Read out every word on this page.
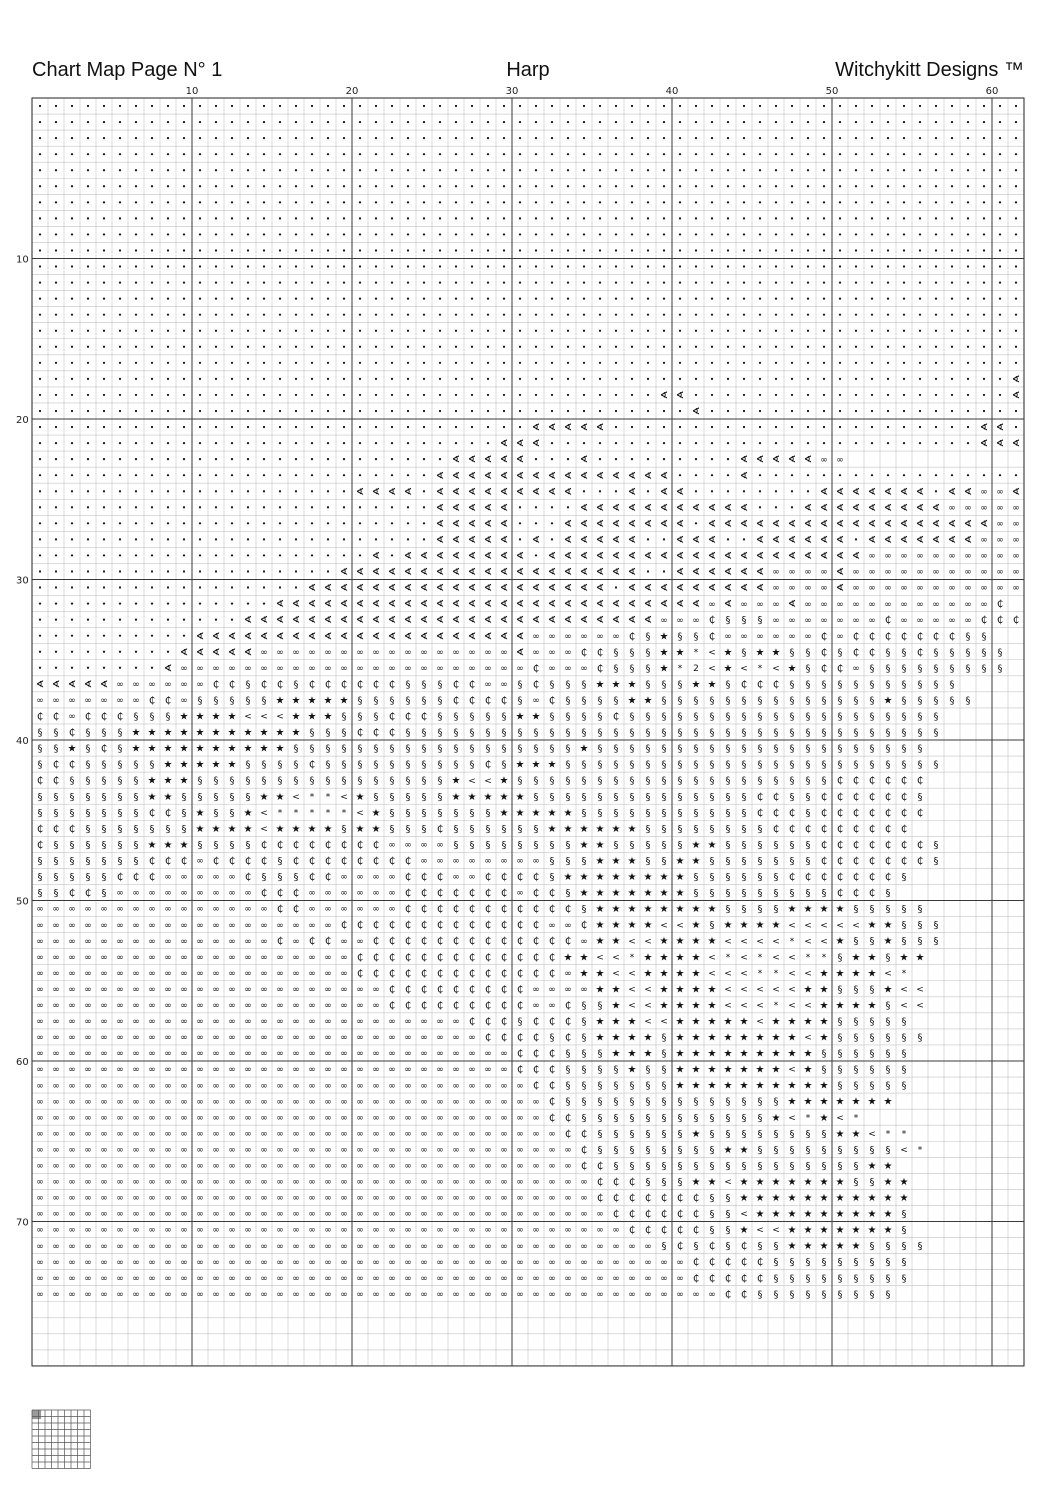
Chart Map Page N° 1	Harp	Witchykitt Designs ™
10	20	30	40	50	60
10
20
30
40
50
60
70
∢
∢ ∢	∢
∢
∢ ∢ ∢ ∢ ∢	∢ ∢
∢ ∢ ∢	∢ ∢ ∢
∢ ∢ ∢ ∢ ∢	∢	∢ ∢ ∢ ∢ ∢ ∞ ∞
∢ ∢ ∢ ∢ ∢ ∢ ∢ ∢ ∢ ∢ ∢ ∢ ∢ ∢ ∢	∢
∢ ∢ ∢ ∢ ∢ ∢ ∢ ∢ ∢ ∢ ∢ ∢ ∢	∢ ∢ ∢	∢ ∢ ∢ ∢ ∢ ∢ ∢ ∢ ∢ ∞ ∞ ∢
∢ ∢ ∢ ∢ ∢	∢ ∢ ∢ ∢ ∢ ∢ ∢ ∢ ∢ ∢ ∢	∢ ∢ ∢ ∢ ∢ ∢ ∢ ∢ ∢ ∞ ∞ ∞ ∞ ∞
∢ ∢ ∢ ∢ ∢	∢ ∢ ∢ ∢ ∢ ∢ ∢ ∢ ∢ ∢ ∢ ∢ ∢ ∢ ∢ ∢ ∢ ∢ ∢ ∢ ∢ ∢ ∢ ∢ ∢ ∢ ∞ ∞
∢ ∢ ∢ ∢ ∢ ∢ ∢ ∢ ∢ ∢ ∢	∢ ∢ ∢	∢ ∢ ∢ ∢ ∢ ∢ ∢ ∢ ∢ ∢ ∢ ∢ ∢ ∞ ∞ ∞
∢ ∢ ∢ ∢ ∢ ∢ ∢ ∢ ∢ ∢ ∢ ∢ ∢ ∢ ∢ ∢ ∢ ∢ ∢ ∢ ∢ ∢ ∢ ∢ ∢ ∢ ∢ ∢ ∢ ∞ ∞ ∞ ∞ ∞ ∞ ∞ ∞ ∞ ∞
∢ ∢ ∢ ∢ ∢ ∢ ∢ ∢ ∢ ∢ ∢ ∢ ∢ ∢ ∢ ∢ ∢ ∢ ∢	∢ ∢ ∢ ∢ ∢ ∢ ∞ ∞ ∞ ∞ ∢ ∞ ∞ ∞ ∞ ∞ ∞ ∞ ∞ ∞ ∞ ∞
∢ ∢ ∢ ∢ ∢ ∢ ∢ ∢ ∢ ∢ ∢ ∢ ∢ ∢ ∢ ∢ ∢ ∢ ∢ ∢ ∢ ∢ ∢ ∢ ∢ ∢ ∢ ∢ ∞ ∞ ∞ ∞ ∢ ∞ ∞ ∞ ∞ ∞ ∞ ∞ ∞ ∞ ∞ ∞
∢ ∢ ∢ ∢ ∢ ∢ ∢ ∢ ∢ ∢ ∢ ∢ ∢ ∢ ∢ ∢ ∢ ∢ ∢ ∢ ∢ ∢ ∢ ∢ ∢ ∢ ∢ ∞ ∢ ∞ ∞ ∞ ∢ ∞ ∞ ∞ ∞ ∞ ∞ ∞ ∞ ∞ ∞ ∞ ∞ ₵
∢ ∢ ∢ ∢ ∢ ∢ ∢ ∢ ∢ ∢ ∢ ∢ ∢ ∢ ∢ ∢ ∢ ∢ ∢ ∢ ∢ ∢ ∢ ∢ ∢ ∢ ∞ ∞ ∞ ₵ § § § ∞ ∞ ∞ ∞ ∞ ∞ ∞ ₵ ∞ ∞ ∞ ∞ ∞ ₵ ₵ ₵
∢ ∢ ∢ ∢ ∢ ∢ ∢ ∢ ∢ ∢ ∢ ∢ ∢ ∢ ∢ ∢ ∢ ∢ ∢ ∢ ∢ ∞ ∞ ∞ ∞ ∞ ∞ ₵ § ★ § § ₵ ∞ ∞ ∞ ∞ ∞ ∞ ₵ ∞ ₵ ₵ ₵ ₵ ₵ ₵ ₵ § §
∢ ∢ ∢ ∢ ∢ ∞ ∞ ∞ ∞ ∞ ∞ ∞ ∞ ∞ ∞ ∞ ∞ ∞ ∞ ∞ ∞ ∢ ∞ ∞ ∞ ₵ ₵ § § § ★ ★ * < ★ § ★ ★ § § ₵ § ₵ ₵ § § ₵ § § § § §
∢ ∞ ∞ ∞ ∞ ∞ ∞ ∞ ∞ ∞ ∞ ∞ ∞ ∞ ∞ ∞ ∞ ∞ ∞ ∞ ∞ ∞ ∞ ₵ ∞ ∞ ∞ ₵ § § § ★ * 2 < ★ < * < ★ § ₵ ₵ ∞ § § § § § § § § §
∢ ∢ ∢ ∢ ∢ ∞ ∞ ∞ ∞ ∞ ∞ ₵ ₵ § ₵ ₵ § ₵ ₵ ₵ ₵ ₵ ₵ § § § ₵ ₵ ∞ ∞ § ₵ § § § ★ ★ ★ § § § ★ ★ § ₵ ₵ ₵ § § § § § § § § § § §
∞ ∞ ∞ ∞ ∞ ∞ ∞ ₵ ₵ ∞ § § § § § ★ ★ ★ ★ ★ § § § § § § ₵ ₵ ₵ ₵ § ∞ ₵ § § § § ★ ★ § § § § § § § § § § § § § § ★ § § § § §
₵ ₵ ∞ ₵ ₵ ₵ § § § ★ ★ ★ ★ < < < ★ ★ ★ § § § ₵ ₵ ₵ § § § § § ★ ★ § § § § ₵ § § § § § § § § § § § § § § § § § § § §
§ § ₵ § § § ★ ★ ★ ★ ★ ★ ★ ★ ★ ★ ★ § § § ₵ ₵ ₵ § § § § § § § § § § § § § § § § § § § § § § § § § § § § § § § § § §
§ § ★ § ₵ § ★ ★ ★ ★ ★ ★ ★ ★ ★ ★ § § § § § § § § § § § § § § § § § § ★ § § § § § § § § § § § § § § § § § § § § §
§ ₵ ₵ § § § § § ★ ★ ★ ★ ★ § § § § ₵ § § § § § § § § § § ₵ § ★ ★ ★ § § § § § § § § § § § § § § § § § § § § § § § §
₵ ₵ § § § § § ★ ★ ★ § § § § § § § § § § § § § § § § ★ < < ★ § § § § § § § § § § § § § § § § § § § § ₵ ₵ ₵ ₵ ₵ ₵
§ § § § § § § ★ ★ § § § § § ★ ★ < * * < ★ § § § § § ★ ★ ★ ★ ★ § § § § § § § § § § § § § § ₵ ₵ § § ₵ ₵ ₵ ₵ ₵ ₵ §
§ § § § § § § ₵ ₵ § ★ § § ★ < * * * * * < ★ § § § § § § § ★ ★ ★ ★ ★ § § § § § § § § § § § ₵ ₵ ₵ § ₵ ₵ ₵ ₵ ₵ ₵ ₵
₵ ₵ ₵ § § § § § § § ★ ★ ★ ★ < ★ ★ ★ ★ § ★ ★ § § § ₵ § § § § § § ★ ★ ★ ★ ★ ★ § § § § § § § § ₵ ₵ ₵ ₵ ₵ ₵ ₵ ₵ ₵
₵ § § § § § § ★ ★ ★ § § § § ₵ ₵ ₵ ₵ ₵ ₵ ₵ ₵ ∞ ∞ ∞ ∞ § § § § § § § § ★ ★ § § § § § ★ ★ § § § § § § ₵ ₵ ₵ ₵ ₵ ₵ ₵ §
§ § § § § § § ₵ ₵ ₵ ∞ ₵ ₵ ₵ ₵ § ₵ ₵ ₵ ₵ ₵ ₵ ₵ ₵ ∞ ∞ ∞ ∞ ∞ ∞ ∞ ∞ § § § ★ ★ ★ § § ★ ★ § § § § § § § ₵ ₵ ₵ ₵ ₵ ₵ ₵ §
§ § § § § ₵ ₵ ₵ ∞ ∞ ∞ ∞ ∞ ₵ § § § ₵ ₵ ∞ ∞ ∞ ∞ ₵ ₵ ₵ ∞ ∞ ₵ ₵ ₵ ₵ § ★ ★ ★ ★ ★ ★ ★ ★ § § § § § § ₵ ₵ ₵ ₵ ₵ ₵ ₵ §
§ § ₵ ₵ § ∞ ∞ ∞ ∞ ∞ ∞ ∞ ∞ ∞ ₵ ₵ ₵ ∞ ∞ ∞ ∞ ∞ ∞ ₵ ₵ ₵ ₵ ₵ ₵ ₵ ∞ ₵ ₵ § ★ ★ ★ ★ ★ ★ ★ § § § § § § § § § ₵ ₵ ₵ §
∞ ∞ ∞ ∞ ∞ ∞ ∞ ∞ ∞ ∞ ∞ ∞ ∞ ∞ ∞ ₵ ₵ ∞ ∞ ∞ ∞ ∞ ∞ ₵ ₵ ₵ ₵ ₵ ₵ ₵ ₵ ₵ ₵ ₵ § ★ ★ ★ ★ ★ ★ ★ ★ § § § § ★ ★ ★ ★ § § § § §
∞ ∞ ∞ ∞ ∞ ∞ ∞ ∞ ∞ ∞ ∞ ∞ ∞ ∞ ∞ ∞ ∞ ∞ ∞ ₵ ₵ ₵ ₵ ₵ ₵ ₵ ₵ ₵ ₵ ₵ ₵ ₵ ∞ ∞ ₵ ★ ★ ★ ★ < < ★ § ★ ★ ★ ★ < < < < < ★ ★ § § §
∞ ∞ ∞ ∞ ∞ ∞ ∞ ∞ ∞ ∞ ∞ ∞ ∞ ∞ ∞ ₵ ∞ ₵ ₵ ∞ ∞ ₵ ₵ ₵ ₵ ₵ ₵ ₵ ₵ ₵ ₵ ₵ ₵ ₵ ∞ ★ ★ < < ★ ★ ★ ★ < < < < * < < ★ § § ★ § § §
∞ ∞ ∞ ∞ ∞ ∞ ∞ ∞ ∞ ∞ ∞ ∞ ∞ ∞ ∞ ∞ ∞ ∞ ∞ ∞ ₵ ₵ ₵ ₵ ₵ ₵ ₵ ₵ ₵ ₵ ₵ ₵ ₵ ★ ★ < < * ★ ★ ★ ★ < * < * < < * * § ★ ★ § ★ ★
∞ ∞ ∞ ∞ ∞ ∞ ∞ ∞ ∞ ∞ ∞ ∞ ∞ ∞ ∞ ∞ ∞ ∞ ∞ ∞ ₵ ₵ ₵ ₵ ₵ ₵ ₵ ₵ ₵ ₵ ₵ ₵ ₵ ∞ ★ ★ < < ★ ★ ★ ★ < < < * * < < ★ ★ ★ ★ < *
∞ ∞ ∞ ∞ ∞ ∞ ∞ ∞ ∞ ∞ ∞ ∞ ∞ ∞ ∞ ∞ ∞ ∞ ∞ ∞ ∞ ∞ ₵ ₵ ₵ ₵ ₵ ₵ ₵ ₵ ₵ ∞ ∞ ∞ ∞ ★ ★ < < ★ ★ ★ ★ < < < < < ★ ★ § § § ★ < <
∞ ∞ ∞ ∞ ∞ ∞ ∞ ∞ ∞ ∞ ∞ ∞ ∞ ∞ ∞ ∞ ∞ ∞ ∞ ∞ ∞ ∞ ₵ ₵ ₵ ₵ ₵ ₵ ₵ ₵ ₵ ∞ ∞ ₵ § § ★ < < ★ ★ ★ ★ < < < * < < ★ ★ ★ ★ § < <
∞ ∞ ∞ ∞ ∞ ∞ ∞ ∞ ∞ ∞ ∞ ∞ ∞ ∞ ∞ ∞ ∞ ∞ ∞ ∞ ∞ ∞ ∞ ∞ ∞ ∞ ∞ ₵ ₵ ₵ § ₵ ₵ ₵ § ★ ★ ★ < < ★ ★ ★ ★ ★ < ★ ★ ★ ★ § § § § §
∞ ∞ ∞ ∞ ∞ ∞ ∞ ∞ ∞ ∞ ∞ ∞ ∞ ∞ ∞ ∞ ∞ ∞ ∞ ∞ ∞ ∞ ∞ ∞ ∞ ∞ ∞ ∞ ₵ ₵ ₵ ₵ § ₵ § ★ ★ ★ ★ § ★ ★ ★ ★ ★ ★ ★ ★ < ★ § § § § § §
∞ ∞ ∞ ∞ ∞ ∞ ∞ ∞ ∞ ∞ ∞ ∞ ∞ ∞ ∞ ∞ ∞ ∞ ∞ ∞ ∞ ∞ ∞ ∞ ∞ ∞ ∞ ∞ ∞ ∞ ₵ ₵ ₵ § § § ★ ★ ★ § ★ ★ ★ ★ ★ ★ ★ ★ ★ § § § § § §
∞ ∞ ∞ ∞ ∞ ∞ ∞ ∞ ∞ ∞ ∞ ∞ ∞ ∞ ∞ ∞ ∞ ∞ ∞ ∞ ∞ ∞ ∞ ∞ ∞ ∞ ∞ ∞ ∞ ∞ ₵ ₵ ₵ § § § § ★ § § ★ ★ ★ ★ ★ ★ ★ < ★ § § § § § §
∞ ∞ ∞ ∞ ∞ ∞ ∞ ∞ ∞ ∞ ∞ ∞ ∞ ∞ ∞ ∞ ∞ ∞ ∞ ∞ ∞ ∞ ∞ ∞ ∞ ∞ ∞ ∞ ∞ ∞ ∞ ₵ ₵ § § § § § § § ★ ★ ★ ★ ★ ★ ★ ★ ★ ★ § § § § §
∞ ∞ ∞ ∞ ∞ ∞ ∞ ∞ ∞ ∞ ∞ ∞ ∞ ∞ ∞ ∞ ∞ ∞ ∞ ∞ ∞ ∞ ∞ ∞ ∞ ∞ ∞ ∞ ∞ ∞ ∞ ∞ ₵ § § § § § § § § § § § § § § ★ ★ ★ ★ ★ ★ ★
∞ ∞ ∞ ∞ ∞ ∞ ∞ ∞ ∞ ∞ ∞ ∞ ∞ ∞ ∞ ∞ ∞ ∞ ∞ ∞ ∞ ∞ ∞ ∞ ∞ ∞ ∞ ∞ ∞ ∞ ∞ ∞ ₵ ₵ § § § § § § § § § § § § ★ < * ★ < *
∞ ∞ ∞ ∞ ∞ ∞ ∞ ∞ ∞ ∞ ∞ ∞ ∞ ∞ ∞ ∞ ∞ ∞ ∞ ∞ ∞ ∞ ∞ ∞ ∞ ∞ ∞ ∞ ∞ ∞ ∞ ∞ ∞ ₵ ₵ § § § § § § ★ § § § § § § § § ★ ★ < * *
∞ ∞ ∞ ∞ ∞ ∞ ∞ ∞ ∞ ∞ ∞ ∞ ∞ ∞ ∞ ∞ ∞ ∞ ∞ ∞ ∞ ∞ ∞ ∞ ∞ ∞ ∞ ∞ ∞ ∞ ∞ ∞ ∞ ∞ ₵ § § § § § § § § ★ ★ § § § § § § § § § < *
∞ ∞ ∞ ∞ ∞ ∞ ∞ ∞ ∞ ∞ ∞ ∞ ∞ ∞ ∞ ∞ ∞ ∞ ∞ ∞ ∞ ∞ ∞ ∞ ∞ ∞ ∞ ∞ ∞ ∞ ∞ ∞ ∞ ∞ ₵ ₵ § § § § § § § § § § § § § § § § ★ ★
∞ ∞ ∞ ∞ ∞ ∞ ∞ ∞ ∞ ∞ ∞ ∞ ∞ ∞ ∞ ∞ ∞ ∞ ∞ ∞ ∞ ∞ ∞ ∞ ∞ ∞ ∞ ∞ ∞ ∞ ∞ ∞ ∞ ∞ ∞ ₵ ₵ ₵ § § § ★ ★ < ★ ★ ★ ★ ★ ★ ★ § § ★ ★
∞ ∞ ∞ ∞ ∞ ∞ ∞ ∞ ∞ ∞ ∞ ∞ ∞ ∞ ∞ ∞ ∞ ∞ ∞ ∞ ∞ ∞ ∞ ∞ ∞ ∞ ∞ ∞ ∞ ∞ ∞ ∞ ∞ ∞ ∞ ₵ ₵ ₵ ₵ ₵ ₵ ₵ § § ★ ★ ★ ★ ★ ★ ★ ★ ★ ★ ★
∞ ∞ ∞ ∞ ∞ ∞ ∞ ∞ ∞ ∞ ∞ ∞ ∞ ∞ ∞ ∞ ∞ ∞ ∞ ∞ ∞ ∞ ∞ ∞ ∞ ∞ ∞ ∞ ∞ ∞ ∞ ∞ ∞ ∞ ∞ ∞ ₵ ₵ ₵ ₵ ₵ ₵ § § < ★ ★ ★ ★ ★ ★ ★ ★ ★ §
∞ ∞ ∞ ∞ ∞ ∞ ∞ ∞ ∞ ∞ ∞ ∞ ∞ ∞ ∞ ∞ ∞ ∞ ∞ ∞ ∞ ∞ ∞ ∞ ∞ ∞ ∞ ∞ ∞ ∞ ∞ ∞ ∞ ∞ ∞ ∞ ∞ ₵ ₵ ₵ ₵ ₵ § § ★ < < ★ ★ ★ ★ ★ ★ ★ §
∞ ∞ ∞ ∞ ∞ ∞ ∞ ∞ ∞ ∞ ∞ ∞ ∞ ∞ ∞ ∞ ∞ ∞ ∞ ∞ ∞ ∞ ∞ ∞ ∞ ∞ ∞ ∞ ∞ ∞ ∞ ∞ ∞ ∞ ∞ ∞ ∞ ∞ ∞ § ₵ § ₵ § ₵ § § ★ ★ ★ ★ ★ § § § §
∞ ∞ ∞ ∞ ∞ ∞ ∞ ∞ ∞ ∞ ∞ ∞ ∞ ∞ ∞ ∞ ∞ ∞ ∞ ∞ ∞ ∞ ∞ ∞ ∞ ∞ ∞ ∞ ∞ ∞ ∞ ∞ ∞ ∞ ∞ ∞ ∞ ∞ ∞ ∞ ∞ ₵ ₵ ₵ ₵ ₵ § § § § § § § § §
∞ ∞ ∞ ∞ ∞ ∞ ∞ ∞ ∞ ∞ ∞ ∞ ∞ ∞ ∞ ∞ ∞ ∞ ∞ ∞ ∞ ∞ ∞ ∞ ∞ ∞ ∞ ∞ ∞ ∞ ∞ ∞ ∞ ∞ ∞ ∞ ∞ ∞ ∞ ∞ ∞ ₵ ₵ ₵ ₵ ₵ § § § § § § § § §
∞ ∞ ∞ ∞ ∞ ∞ ∞ ∞ ∞ ∞ ∞ ∞ ∞ ∞ ∞ ∞ ∞ ∞ ∞ ∞ ∞ ∞ ∞ ∞ ∞ ∞ ∞ ∞ ∞ ∞ ∞ ∞ ∞ ∞ ∞ ∞ ∞ ∞ ∞ ∞ ∞ ∞ ∞ ₵ ₵ § § § § § § § § §
